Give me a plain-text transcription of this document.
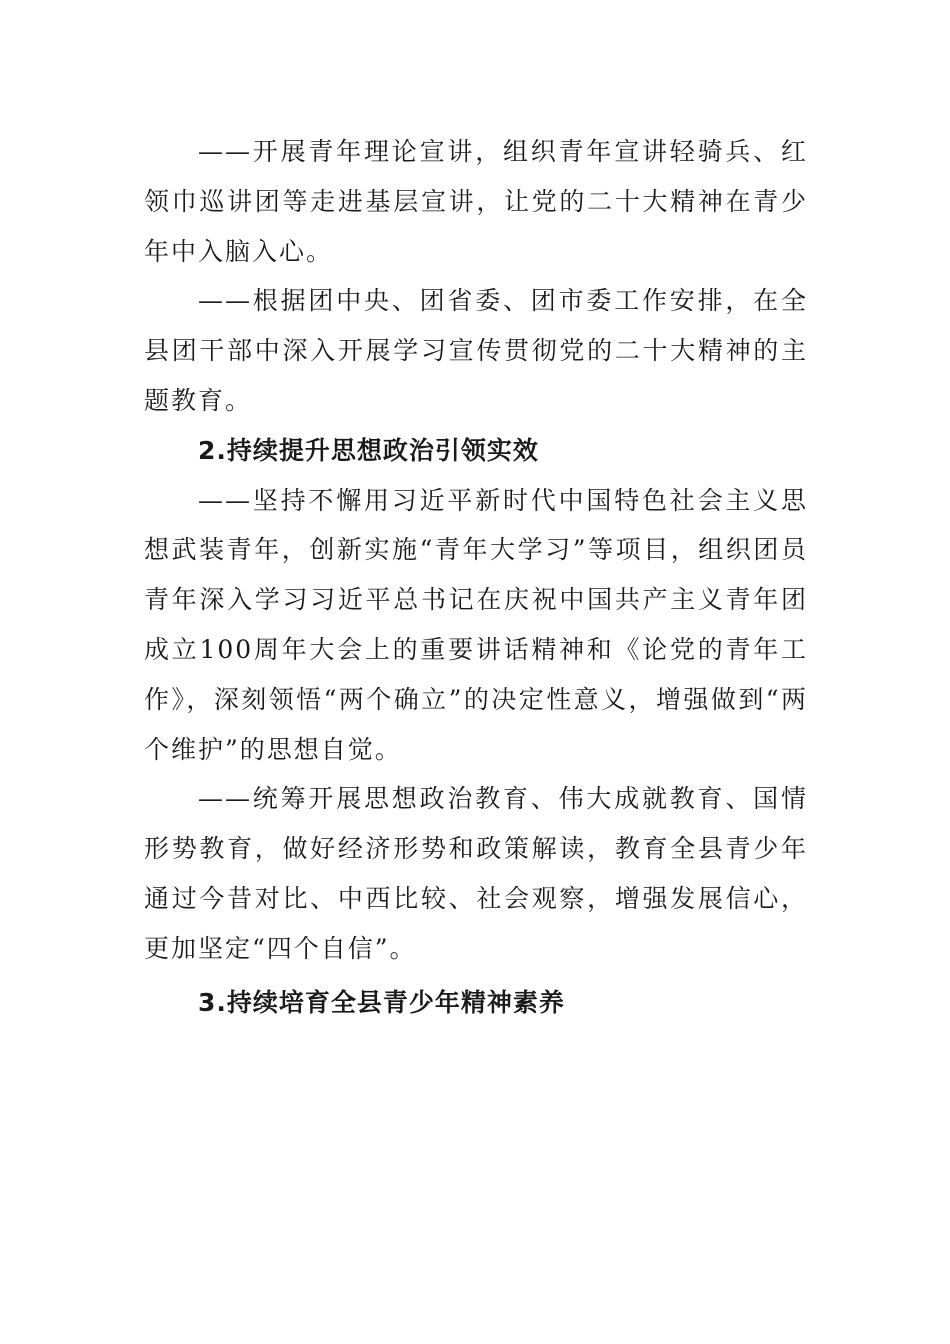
——开展青年理论宣讲，组织青年宣讲轻骑兵、红领巾巡讲团等走进基层宣讲，让党的二十大精神在青少年中入脑入心。

——根据团中央、团省委、团市委工作安排，在全县团干部中深入开展学习宣传贯彻党的二十大精神的主题教育。

2.持续提升思想政治引领实效

——坚持不懈用习近平新时代中国特色社会主义思想武装青年，创新实施“青年大学习”等项目，组织团员青年深入学习习近平总书记在庆祝中国共产主义青年团成立100周年大会上的重要讲话精神和《论党的青年工作》，深刻领悟“两个确立”的决定性意义，增强做到“两个维护”的思想自觉。

——统筹开展思想政治教育、伟大成就教育、国情形势教育，做好经济形势和政策解读，教育全县青少年通过今昔对比、中西比较、社会观察，增强发展信心，更加坚定“四个自信”。

3.持续培育全县青少年精神素养
